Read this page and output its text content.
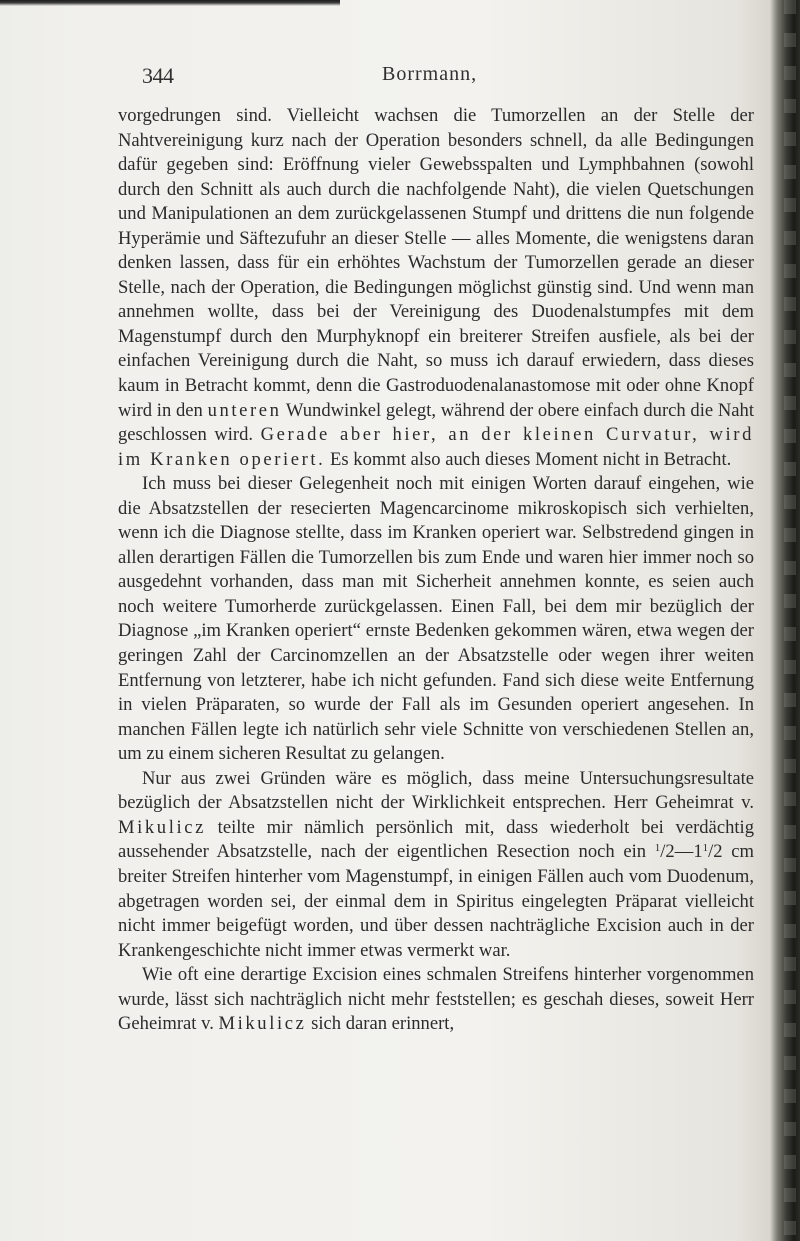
344	Borrmann,

vorgedrungen sind. Vielleicht wachsen die Tumorzellen an der Stelle der Nahtvereinigung kurz nach der Operation besonders schnell, da alle Bedingungen dafür gegeben sind: Eröffnung vieler Gewebsspalten und Lymphbahnen (sowohl durch den Schnitt als auch durch die nachfolgende Naht), die vielen Quetschungen und Manipulationen an dem zurückgelassenen Stumpf und drittens die nun folgende Hyperämie und Säftezufuhr an dieser Stelle — alles Momente, die wenigstens daran denken lassen, dass für ein erhöhtes Wachstum der Tumorzellen gerade an dieser Stelle, nach der Operation, die Bedingungen möglichst günstig sind. Und wenn man annehmen wollte, dass bei der Vereinigung des Duodenalstumpfes mit dem Magenstumpf durch den Murphyknopf ein breiterer Streifen ausfiele, als bei der einfachen Vereinigung durch die Naht, so muss ich darauf erwiedern, dass dieses kaum in Betracht kommt, denn die Gastroduodenalanastomose mit oder ohne Knopf wird in den unteren Wundwinkel gelegt, während der obere einfach durch die Naht geschlossen wird. Gerade aber hier, an der kleinen Curvatur, wird im Kranken operiert. Es kommt also auch dieses Moment nicht in Betracht.

Ich muss bei dieser Gelegenheit noch mit einigen Worten darauf eingehen, wie die Absatzstellen der resecierten Magencarcinome mikroskopisch sich verhielten, wenn ich die Diagnose stellte, dass im Kranken operiert war. Selbstredend gingen in allen derartigen Fällen die Tumorzellen bis zum Ende und waren hier immer noch so ausgedehnt vorhanden, dass man mit Sicherheit annehmen konnte, es seien auch noch weitere Tumorherde zurückgelassen. Einen Fall, bei dem mir bezüglich der Diagnose „im Kranken operiert“ ernste Bedenken gekommen wären, etwa wegen der geringen Zahl der Carcinomzellen an der Absatzstelle oder wegen ihrer weiten Entfernung von letzterer, habe ich nicht gefunden. Fand sich diese weite Entfernung in vielen Präparaten, so wurde der Fall als im Gesunden operiert angesehen. In manchen Fällen legte ich natürlich sehr viele Schnitte von verschiedenen Stellen an, um zu einem sicheren Resultat zu gelangen.

Nur aus zwei Gründen wäre es möglich, dass meine Untersuchungsresultate bezüglich der Absatzstellen nicht der Wirklichkeit entsprechen. Herr Geheimrat v. Mikulicz teilte mir nämlich persönlich mit, dass wiederholt bei verdächtig aussehender Absatzstelle, nach der eigentlichen Resection noch ein $^1/2—1^1/2$ cm breiter Streifen hinterher vom Magenstumpf, in einigen Fällen auch vom Duodenum, abgetragen worden sei, der einmal dem in Spiritus eingelegten Präparat vielleicht nicht immer beigefügt worden, und über dessen nachträgliche Excision auch in der Krankengeschichte nicht immer etwas vermerkt war.

Wie oft eine derartige Excision eines schmalen Streifens hinterher vorgenommen wurde, lässt sich nachträglich nicht mehr feststellen; es geschah dieses, soweit Herr Geheimrat v. Mikulicz sich daran erinnert,
